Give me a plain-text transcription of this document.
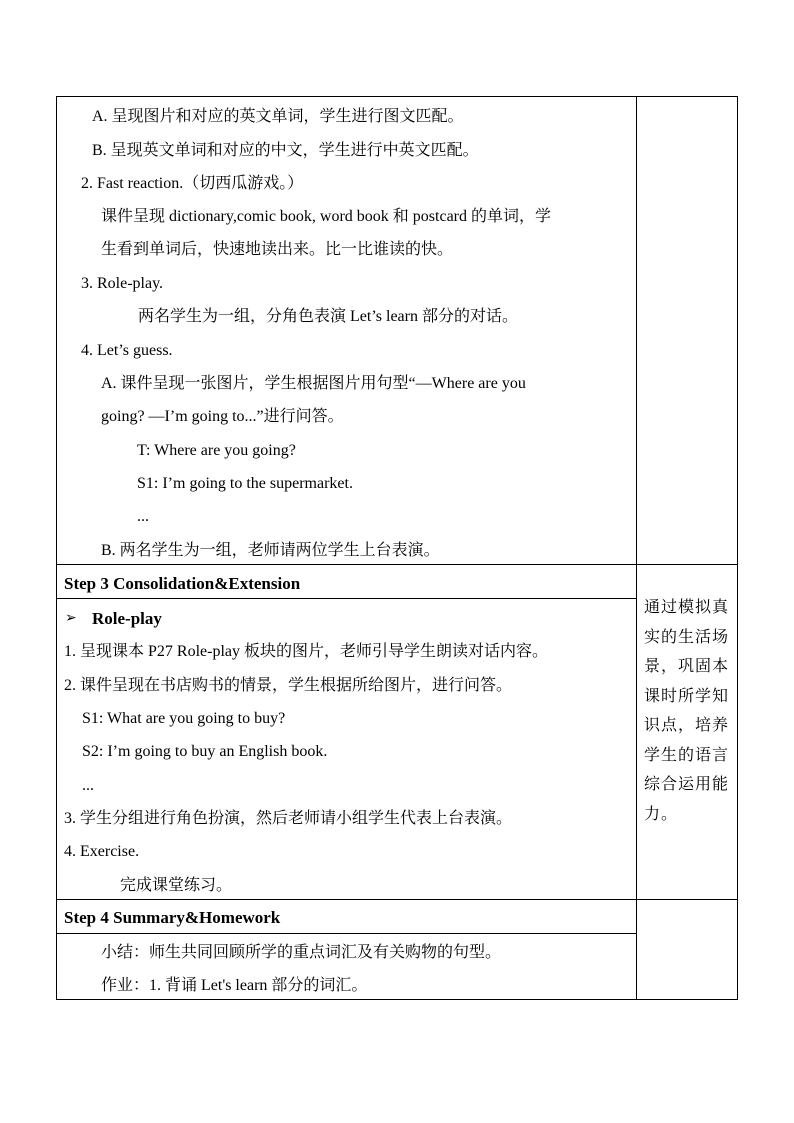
A. 呈现图片和对应的英文单词，学生进行图文匹配。
B. 呈现英文单词和对应的中文，学生进行中英文匹配。
2. Fast reaction.（切西瓜游戏。）
课件呈现 dictionary,comic book, word book 和 postcard 的单词，学
生看到单词后，快速地读出来。比一比谁读的快。
3. Role-play.
两名学生为一组，分角色表演 Let’s learn 部分的对话。
4. Let’s guess.
A. 课件呈现一张图片，学生根据图片用句型“—Where are you
going? —I’m going to...”进行问答。
T: Where are you going?
S1: I’m going to the supermarket.
...
B. 两名学生为一组，老师请两位学生上台表演。
Step 3 Consolidation&Extension
➢ Role-play
1. 呈现课本 P27 Role-play 板块的图片，老师引导学生朗读对话内容。
2. 课件呈现在书店购书的情景，学生根据所给图片，进行问答。
S1: What are you going to buy?
S2: I’m going to buy an English book.
...
3. 学生分组进行角色扮演，然后老师请小组学生代表上台表演。
4. Exercise.
完成课堂练习。
通过模拟真实的生活场景，巩固本课时所学知识点，培养学生的语言综合运用能力。
Step 4 Summary&Homework
小结：师生共同回顾所学的重点词汇及有关购物的句型。
作业：1. 背诵 Let's learn 部分的词汇。
